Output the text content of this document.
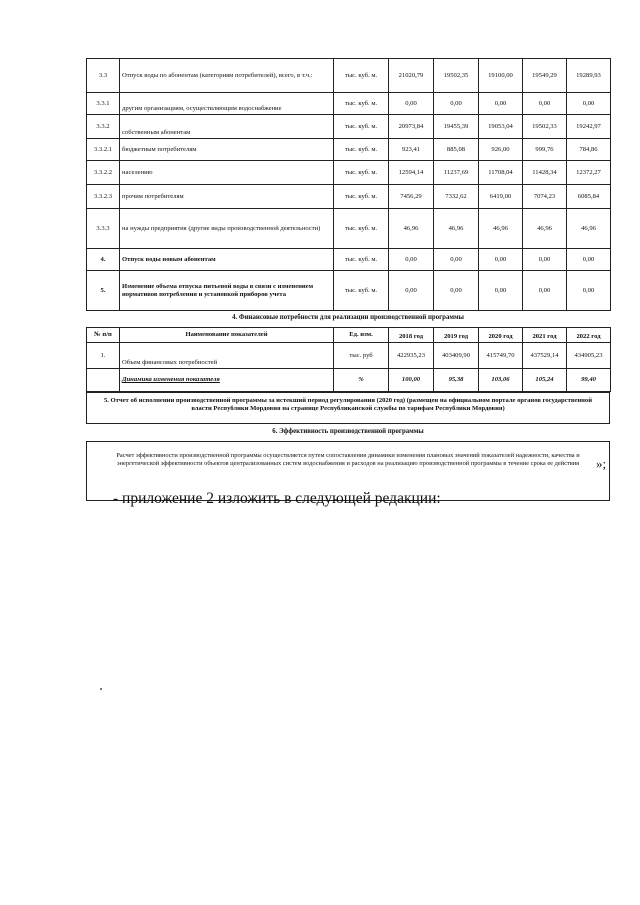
3.3	Отпуск воды по абонентам (категориям потребителей), всего, в т.ч.:	тыс. куб. м.	21020,79	19502,35	19100,00	19549,29	19289,93
3.3.1	другим организациям, осуществляющим водоснабжение	тыс. куб. м.	0,00	0,00	0,00	0,00	0,00
3.3.2	собственным абонентам	тыс. куб. м.	20973,84	19455,39	19053,04	19502,33	19242,97
3.3.2.1	бюджетным потребителям	тыс. куб. м.	923,41	885,08	926,00	999,76	784,86
3.3.2.2	населению	тыс. куб. м.	12594,14	11237,69	11708,04	11428,34	12372,27
3.3.2.3	прочим потребителям	тыс. куб. м.	7456,29	7332,62	6419,00	7074,23	6085,84
3.3.3	на нужды предприятия (другие виды производственной деятельности)	тыс. куб. м.	46,96	46,96	46,96	46,96	46,96
4.	Отпуск воды новым абонентам	тыс. куб. м.	0,00	0,00	0,00	0,00	0,00
5.	Изменение объема отпуска питьевой воды в связи с изменением нормативов потребления и установкой приборов учета	тыс. куб. м.	0,00	0,00	0,00	0,00	0,00
4. Финансовые потребности для реализации производственной программы
№ п/п	Наименование показателей	Ед. изм.	2018 год	2019 год	2020 год	2021 год	2022 год
1.	Объем финансовых потребностей	тыс. руб	422935,23	403409,90	415749,70	437529,14	434905,23
	Динамика изменения показателя	%	100,00	95,38	103,06	105,24	99,40
5. Отчет об исполнении производственной программы за истекший период регулирования (2020 год) (размещен на официальном портале органов государственной власти Республики Мордовия на странице Республиканской службы по тарифам Республики Мордовия)
6. Эффективность производственной программы
Расчет эффективности производственной программы осуществляется путем сопоставления динамики изменения плановых значений показателей надежности, качества и энергетической эффективности объектов централизованных систем водоснабжения и расходов на реализацию производственной программы в течение срока ее действия	»;
- приложение 2 изложить в следующей редакции:
